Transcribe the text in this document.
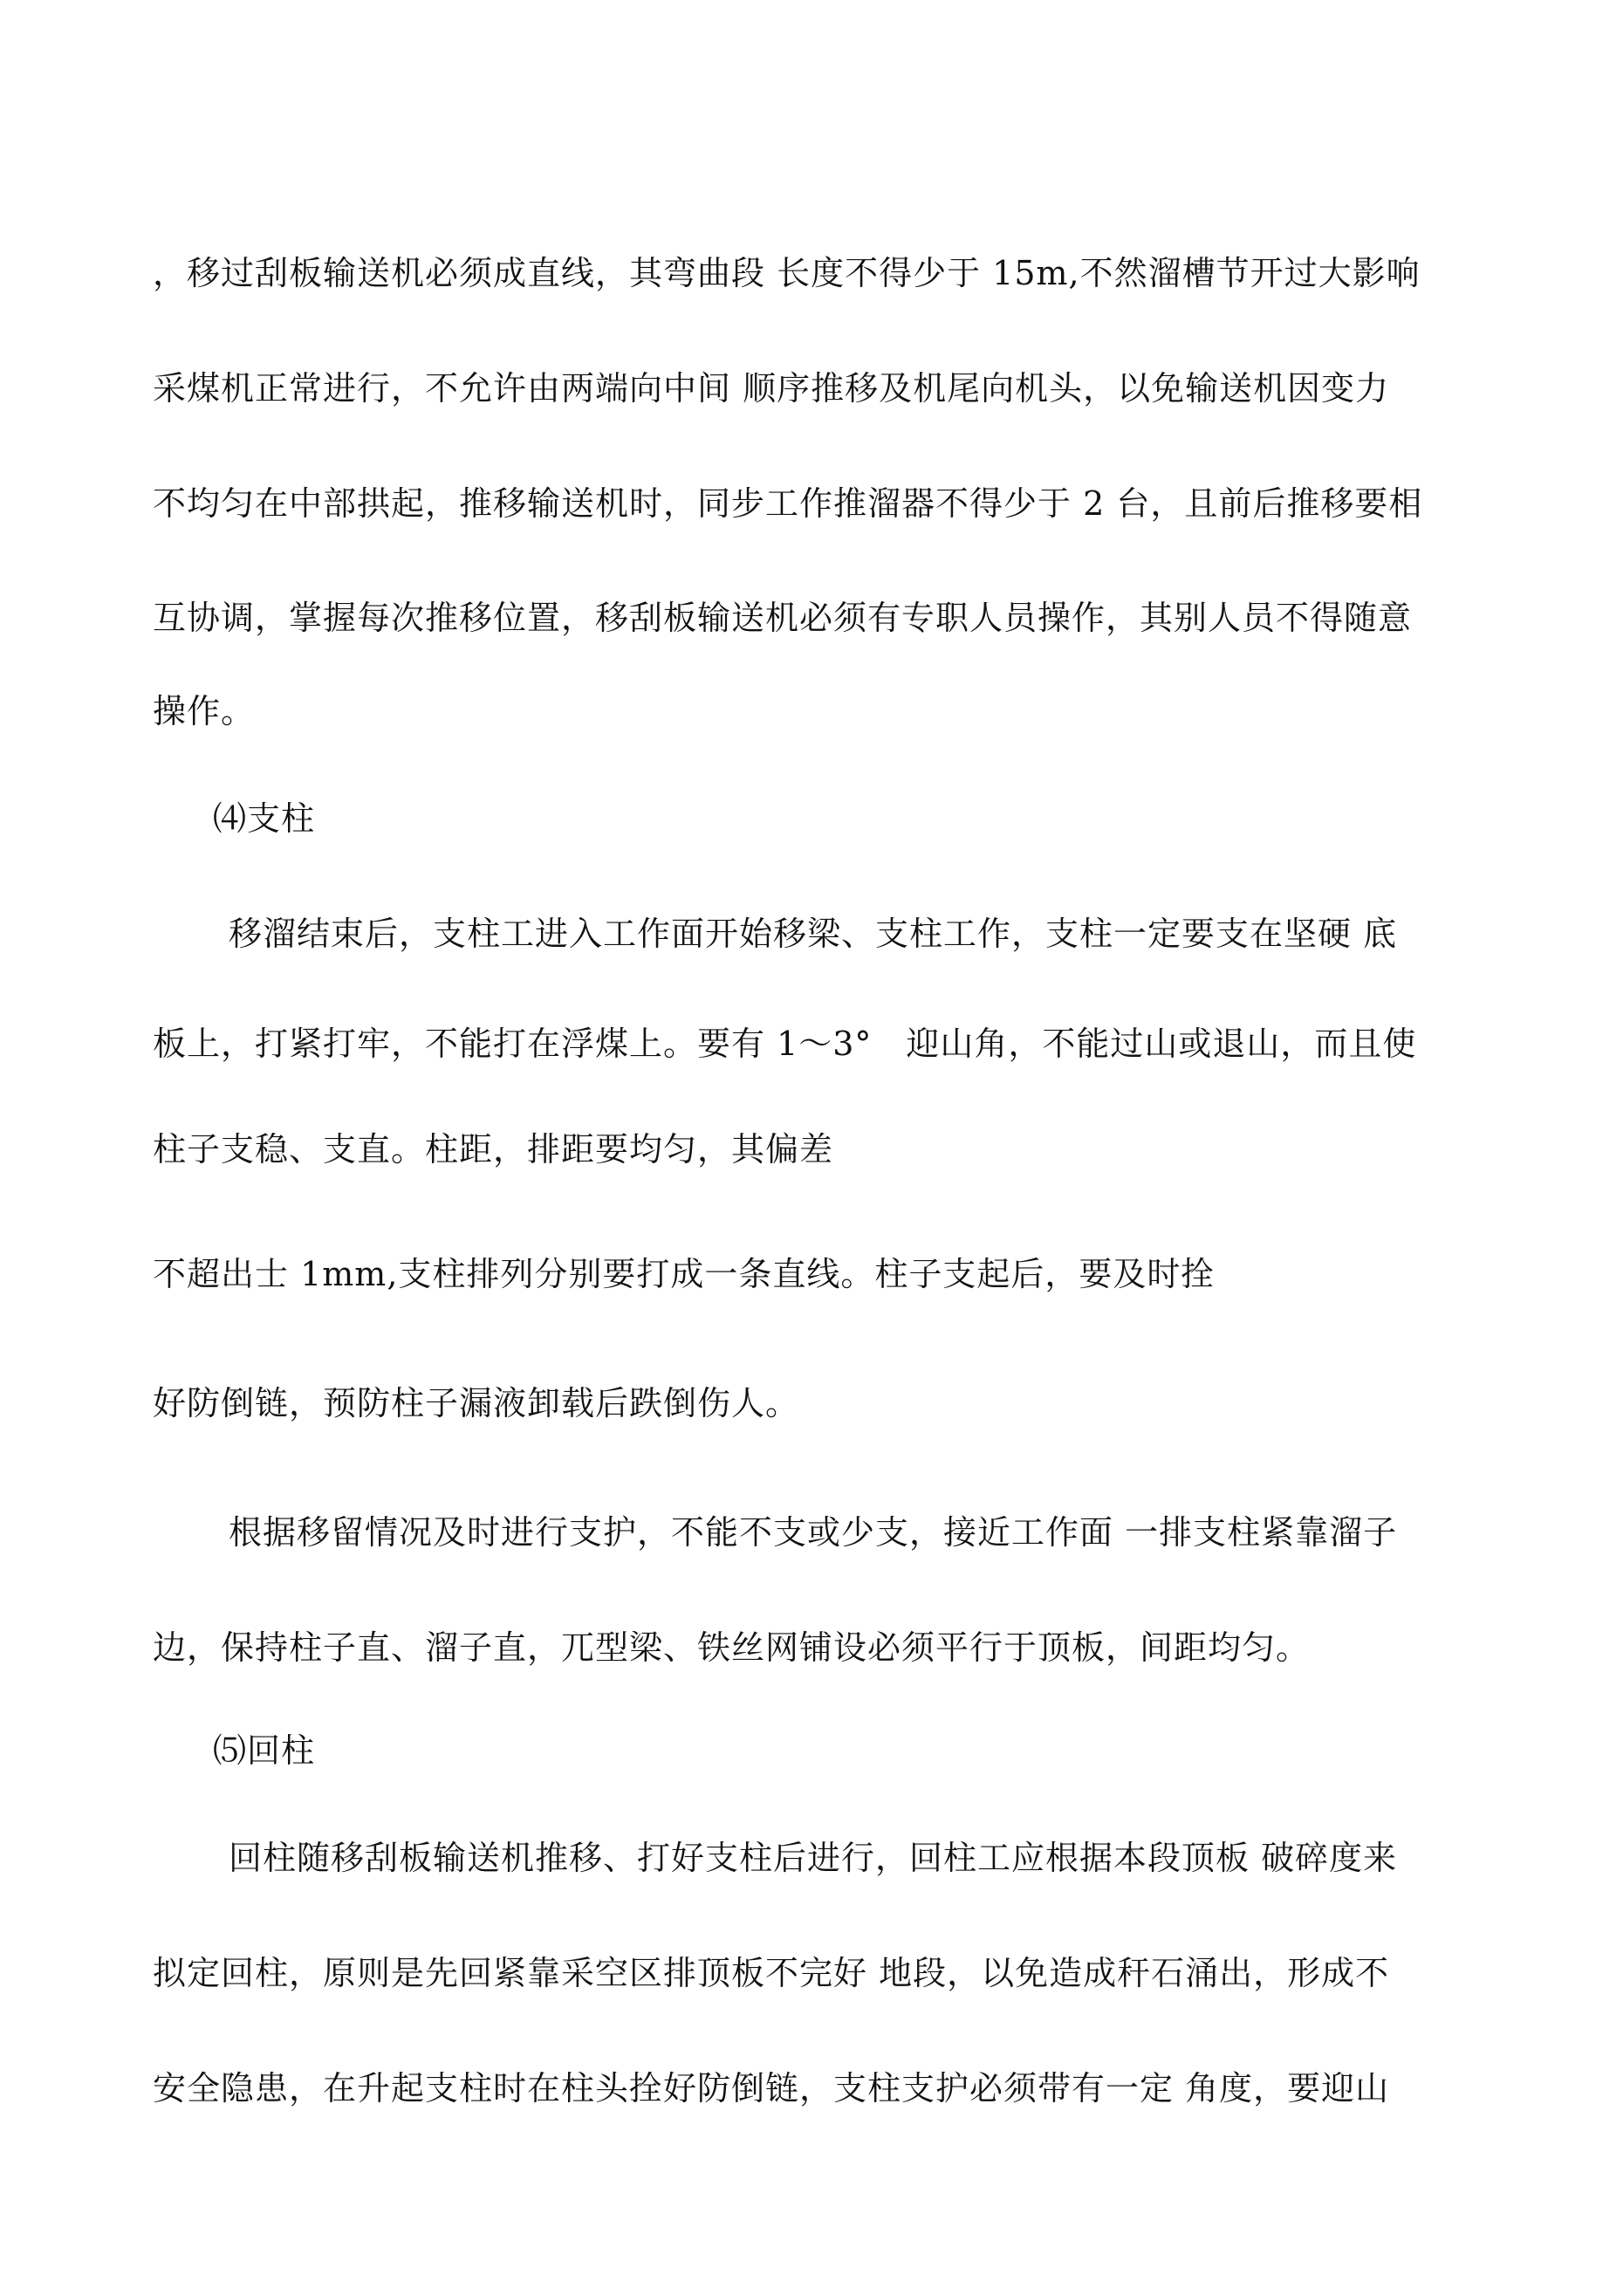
，移过刮板输送机必须成直线，其弯曲段 长度不得少于 15m,不然溜槽节开过大影响
采煤机正常进行，不允许由两端向中间 顺序推移及机尾向机头，以免输送机因变力
不均匀在中部拱起，推移输送机时，同步工作推溜器不得少于 2 台，且前后推移要相
互协调，掌握每次推移位置，移刮板输送机必须有专职人员操作，其别人员不得随意
操作。
⑷支柱
移溜结束后，支柱工进入工作面开始移梁、支柱工作，支柱一定要支在坚硬 底
板上，打紧打牢，不能打在浮煤上。要有 1〜3°　迎山角，不能过山或退山，而且使
柱子支稳、支直。柱距，排距要均匀，其偏差
不超出士 1mm,支柱排列分别要打成一条直线。柱子支起后，要及时拴
好防倒链，预防柱子漏液卸载后跌倒伤人。
根据移留情况及时进行支护，不能不支或少支，接近工作面 一排支柱紧靠溜子
边，保持柱子直、溜子直，兀型梁、铁丝网铺设必须平行于顶板，间距均匀。
⑸回柱
回柱随移刮板输送机推移、打好支柱后进行，回柱工应根据本段顶板 破碎度来
拟定回柱，原则是先回紧靠采空区排顶板不完好 地段，以免造成秆石涌出，形成不
安全隐患，在升起支柱时在柱头拴好防倒链，支柱支护必须带有一定 角度，要迎山
